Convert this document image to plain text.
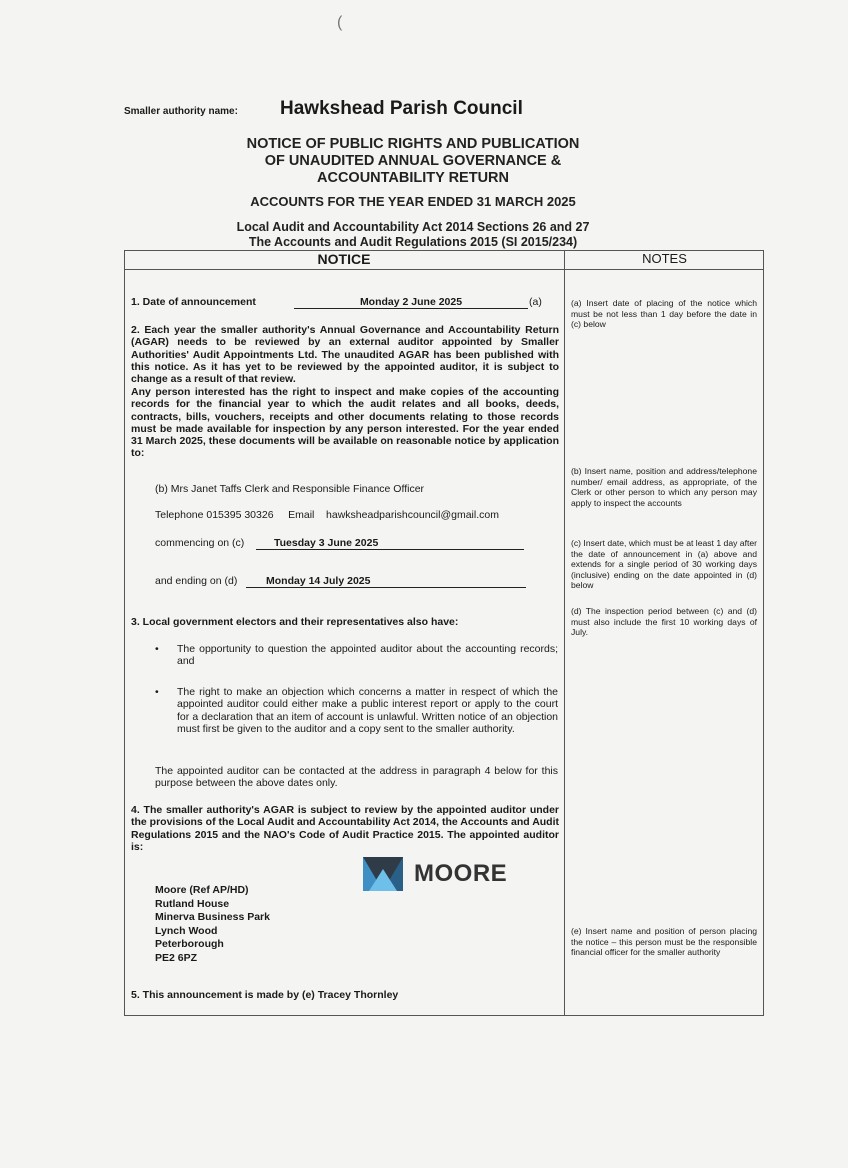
(
Smaller authority name: Hawkshead Parish Council
NOTICE OF PUBLIC RIGHTS AND PUBLICATION
OF UNAUDITED ANNUAL GOVERNANCE &
ACCOUNTABILITY RETURN
ACCOUNTS FOR THE YEAR ENDED 31 MARCH 2025
Local Audit and Accountability Act 2014 Sections 26 and 27
The Accounts and Audit Regulations 2015 (SI 2015/234)
NOTICE	NOTES
1. Date of announcement	Monday 2 June 2025	(a)
2. Each year the smaller authority's Annual Governance and Accountability Return (AGAR) needs to be reviewed by an external auditor appointed by Smaller Authorities' Audit Appointments Ltd. The unaudited AGAR has been published with this notice. As it has yet to be reviewed by the appointed auditor, it is subject to change as a result of that review.
Any person interested has the right to inspect and make copies of the accounting records for the financial year to which the audit relates and all books, deeds, contracts, bills, vouchers, receipts and other documents relating to those records must be made available for inspection by any person interested. For the year ended 31 March 2025, these documents will be available on reasonable notice by application to:
(b) Mrs Janet Taffs Clerk and Responsible Finance Officer
Telephone 015395 30326     Email    hawksheadparishcouncil@gmail.com
commencing on (c)	Tuesday 3 June 2025
and ending on (d)	Monday 14 July 2025
3. Local government electors and their representatives also have:
• The opportunity to question the appointed auditor about the accounting records; and
• The right to make an objection which concerns a matter in respect of which the appointed auditor could either make a public interest report or apply to the court for a declaration that an item of account is unlawful. Written notice of an objection must first be given to the auditor and a copy sent to the smaller authority.
The appointed auditor can be contacted at the address in paragraph 4 below for this purpose between the above dates only.
4. The smaller authority's AGAR is subject to review by the appointed auditor under the provisions of the Local Audit and Accountability Act 2014, the Accounts and Audit Regulations 2015 and the NAO's Code of Audit Practice 2015. The appointed auditor is:
MOORE
Moore (Ref AP/HD)
Rutland House
Minerva Business Park
Lynch Wood
Peterborough
PE2 6PZ
5. This announcement is made by (e) Tracey Thornley
(a) Insert date of placing of the notice which must be not less than 1 day before the date in (c) below
(b) Insert name, position and address/telephone number/ email address, as appropriate, of the Clerk or other person to which any person may apply to inspect the accounts
(c) Insert date, which must be at least 1 day after the date of announcement in (a) above and extends for a single period of 30 working days (inclusive) ending on the date appointed in (d) below
(d) The inspection period between (c) and (d) must also include the first 10 working days of July.
(e) Insert name and position of person placing the notice – this person must be the responsible financial officer for the smaller authority
